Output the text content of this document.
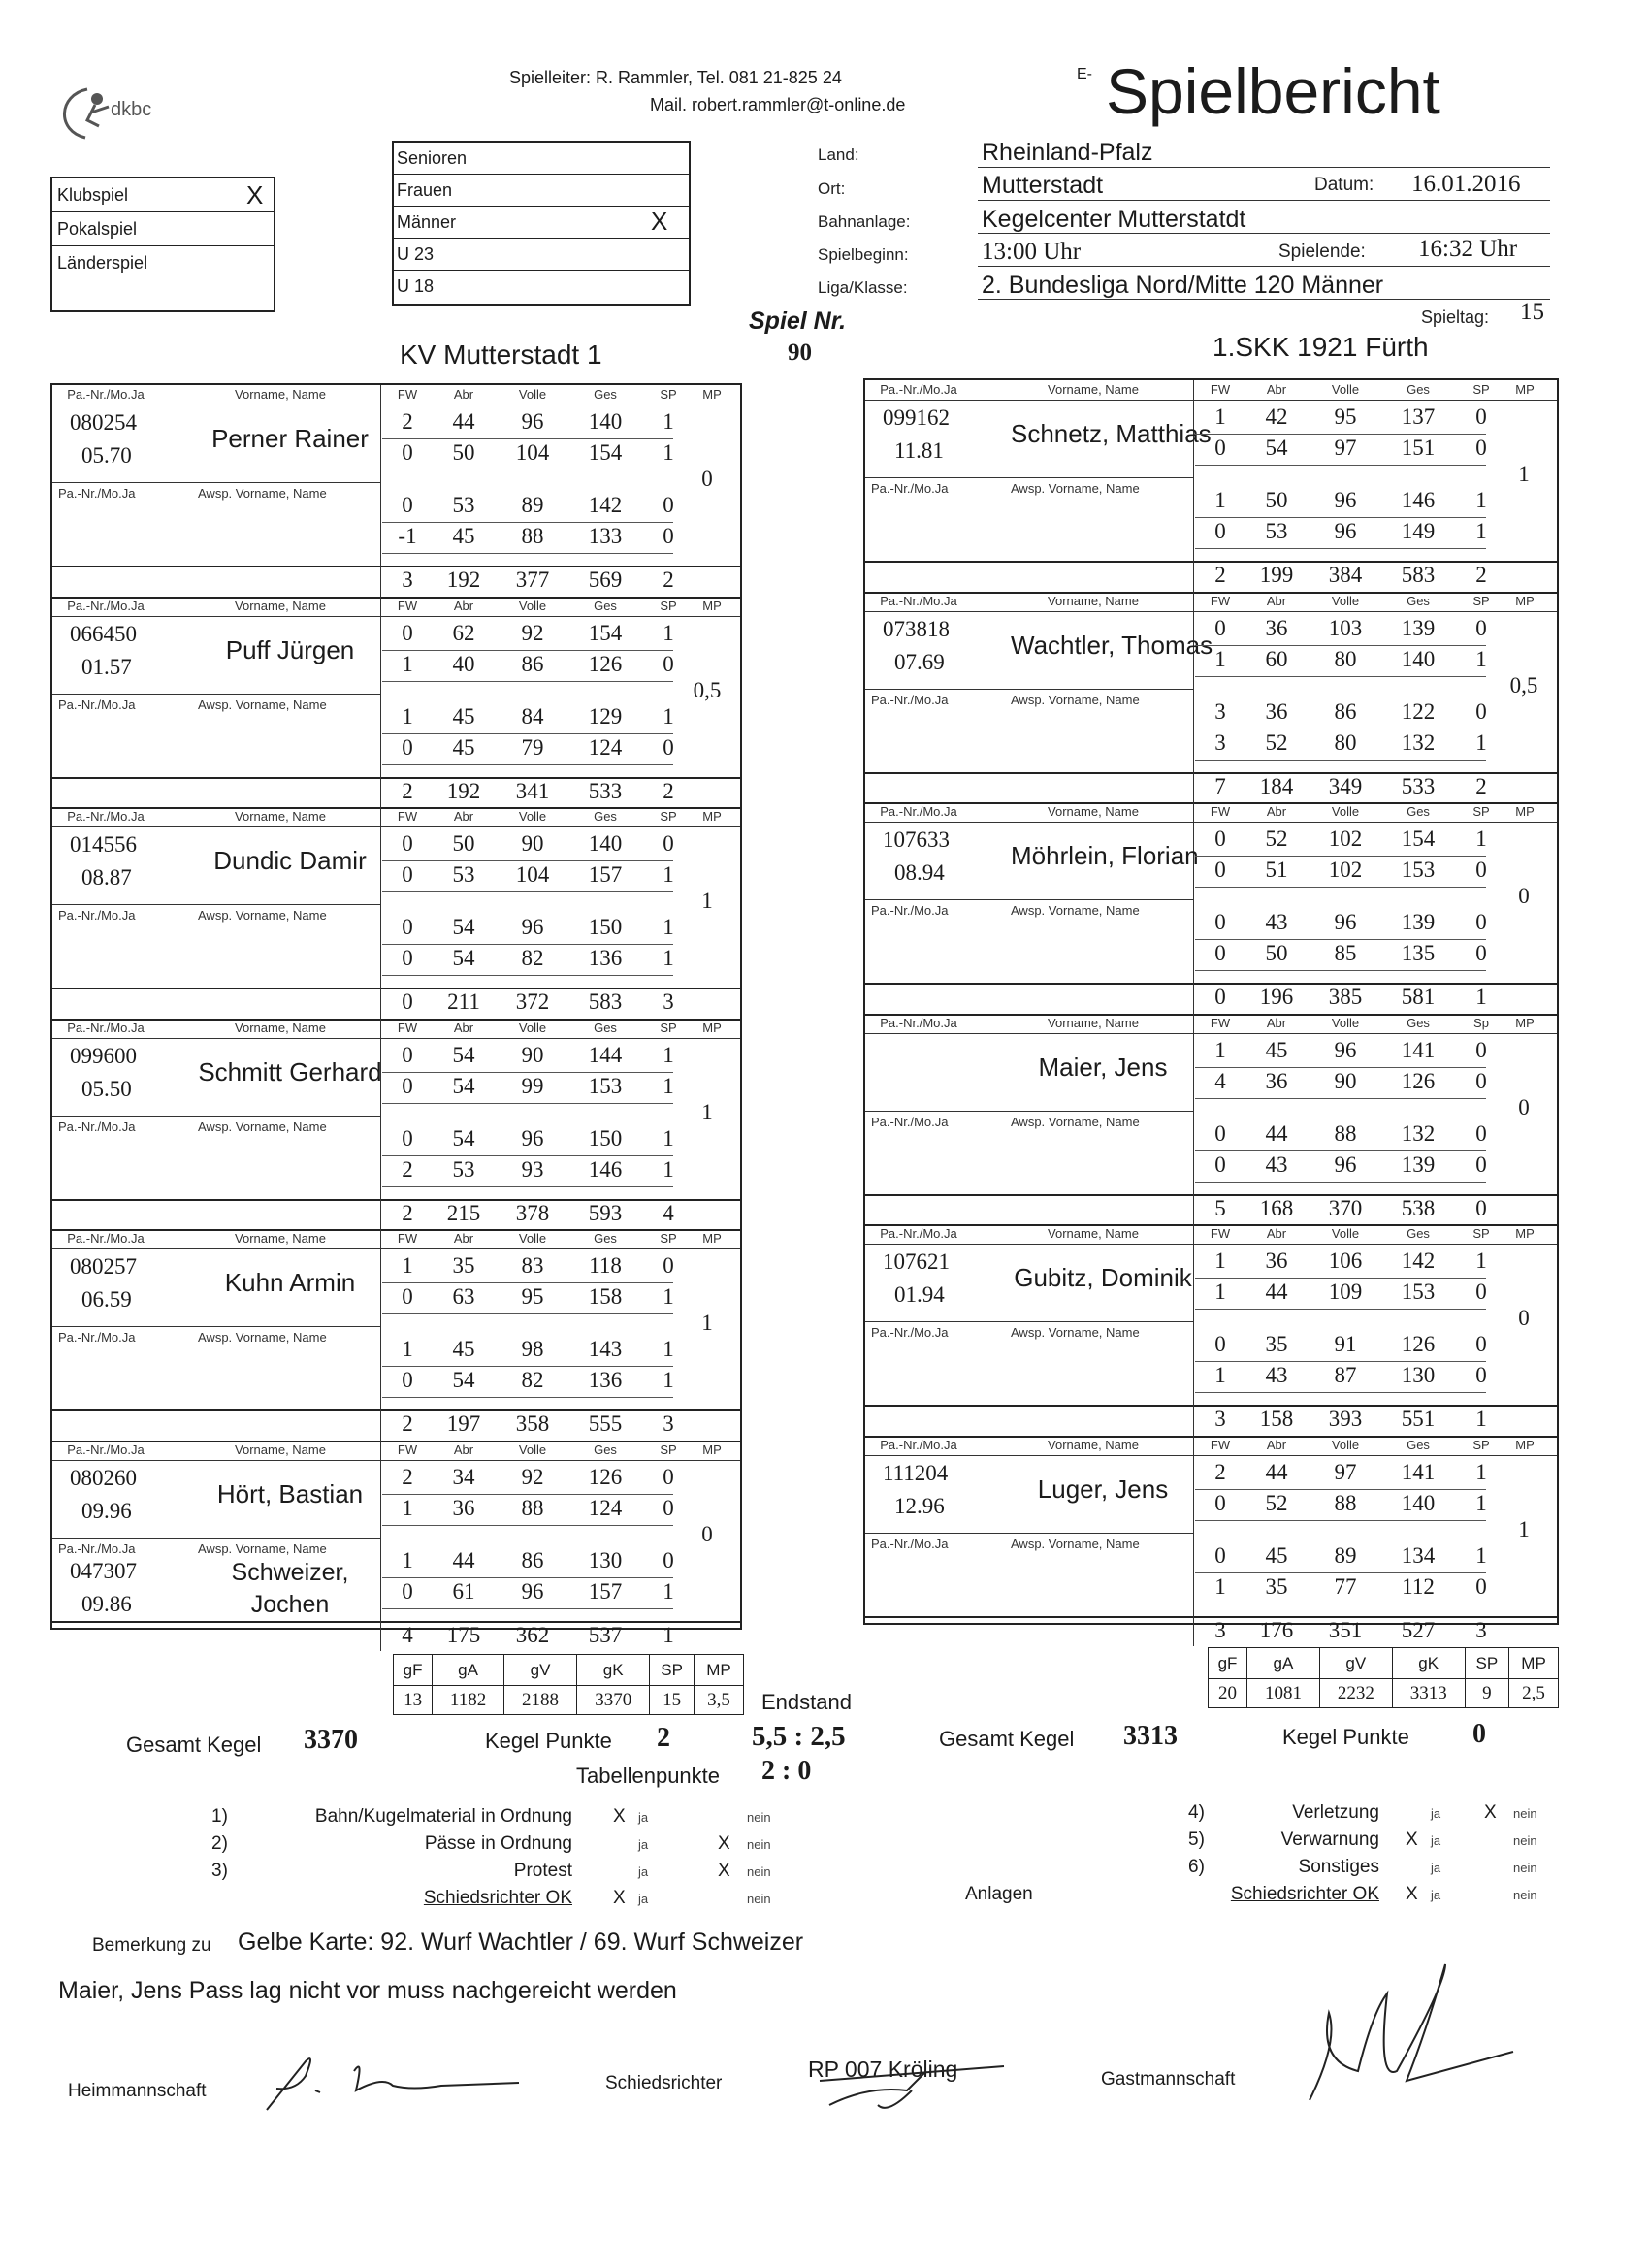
dkbc
Spielleiter: R. Rammler, Tel. 081 21-825 24
Mail. robert.rammler@t-online.de
E- Spielbericht
Klubspiel	X
Pokalspiel
Länderspiel
Senioren
Frauen
Männer	X
U 23
U 18
Land:	Rheinland-Pfalz
Ort:	Mutterstadt	Datum: 16.01.2016
Bahnanlage:	Kegelcenter Mutterstatdt
Spielbeginn:	13:00 Uhr	Spielende: 16:32 Uhr
Liga/Klasse:	2. Bundesliga Nord/Mitte 120 Männer
Spiel Nr.
90
Spieltag: 15
KV Mutterstadt 1	1.SKK 1921 Fürth
Pa.-Nr./Mo.Ja	Vorname, Name	FW	Abr	Volle	Ges	SP MP
080254
05.70
Perner Rainer
Pa.-Nr./Mo.Ja	Awsp. Vorname, Name
2 44 96 140 1
0 50 104 154 1
0 53 89 142 0
-1 45 88 133 0
3 192 377 569 2
0
Pa.-Nr./Mo.Ja	Vorname, Name	FW	Abr	Volle	Ges	SP MP
066450
01.57
Puff Jürgen
Pa.-Nr./Mo.Ja	Awsp. Vorname, Name
0 62 92 154 1
1 40 86 126 0
1 45 84 129 1
0 45 79 124 0
2 192 341 533 2
0,5
Pa.-Nr./Mo.Ja	Vorname, Name	FW	Abr	Volle	Ges	SP MP
014556
08.87
Dundic Damir
Pa.-Nr./Mo.Ja	Awsp. Vorname, Name
0 50 90 140 0
0 53 104 157 1
0 54 96 150 1
0 54 82 136 1
0 211 372 583 3
1
Pa.-Nr./Mo.Ja	Vorname, Name	FW	Abr	Volle	Ges	SP MP
099600
05.50
Schmitt Gerhard
Pa.-Nr./Mo.Ja	Awsp. Vorname, Name
0 54 90 144 1
0 54 99 153 1
0 54 96 150 1
2 53 93 146 1
2 215 378 593 4
1
Pa.-Nr./Mo.Ja	Vorname, Name	FW	Abr	Volle	Ges	SP MP
080257
06.59
Kuhn Armin
Pa.-Nr./Mo.Ja	Awsp. Vorname, Name
1 35 83 118 0
0 63 95 158 1
1 45 98 143 1
0 54 82 136 1
2 197 358 555 3
1
Pa.-Nr./Mo.Ja	Vorname, Name	FW	Abr	Volle	Ges	SP MP
080260
09.96
Hört, Bastian
Pa.-Nr./Mo.Ja	Awsp. Vorname, Name
047307
09.86
Schweizer, Jochen
2 34 92 126 0
1 36 88 124 0
1 44 86 130 0
0 61 96 157 1
4 175 362 537 1
0
Pa.-Nr./Mo.Ja	Vorname, Name	FW	Abr	Volle	Ges	SP MP
099162
11.81
Schnetz, Matthias
Pa.-Nr./Mo.Ja	Awsp. Vorname, Name
1 42 95 137 0
0 54 97 151 0
1 50 96 146 1
0 53 96 149 1
2 199 384 583 2
1
Pa.-Nr./Mo.Ja	Vorname, Name	FW	Abr	Volle	Ges	SP MP
073818
07.69
Wachtler, Thomas
Pa.-Nr./Mo.Ja	Awsp. Vorname, Name
0 36 103 139 0
1 60 80 140 1
3 36 86 122 0
3 52 80 132 1
7 184 349 533 2
0,5
Pa.-Nr./Mo.Ja	Vorname, Name	FW	Abr	Volle	Ges	SP MP
107633
08.94
Möhrlein, Florian
Pa.-Nr./Mo.Ja	Awsp. Vorname, Name
0 52 102 154 1
0 51 102 153 0
0 43 96 139 0
0 50 85 135 0
0 196 385 581 1
0
Pa.-Nr./Mo.Ja	Vorname, Name	FW	Abr	Volle	Ges	Sp MP
Maier, Jens
Pa.-Nr./Mo.Ja	Awsp. Vorname, Name
1 45 96 141 0
4 36 90 126 0
0 44 88 132 0
0 43 96 139 0
5 168 370 538 0
0
Pa.-Nr./Mo.Ja	Vorname, Name	FW	Abr	Volle	Ges	SP MP
107621
01.94
Gubitz, Dominik
Pa.-Nr./Mo.Ja	Awsp. Vorname, Name
1 36 106 142 1
1 44 109 153 0
0 35 91 126 0
1 43 87 130 0
3 158 393 551 1
0
Pa.-Nr./Mo.Ja	Vorname, Name	FW	Abr	Volle	Ges	SP MP
111204
12.96
Luger, Jens
Pa.-Nr./Mo.Ja	Awsp. Vorname, Name
2 44 97 141 1
0 52 88 140 1
0 45 89 134 1
1 35 77 112 0
3 176 351 527 3
1
gF	gA	gV	gK	SP	MP
13	1182	2188	3370	15	3,5
gF	gA	gV	gK	SP	MP
20	1081	2232	3313	9	2,5
Endstand
5,5 : 2,5
Gesamt Kegel 3370	Kegel Punkte 2	Gesamt Kegel 3313	Kegel Punkte 0
Tabellenpunkte 2 : 0
1)	Bahn/Kugelmaterial in Ordnung X ja	nein
2)	Pässe in Ordnung	ja	X nein
3)	Protest	ja	X nein
Schiedsrichter OK X ja	nein
4)	Verletzung	ja X nein
5)	Verwarnung X ja	nein
6)	Sonstiges	ja	nein
Schiedsrichter OK X ja	nein
Anlagen
Bemerkung zu Gelbe Karte: 92. Wurf Wachtler / 69. Wurf Schweizer
Maier, Jens Pass lag nicht vor muss nachgereicht werden
Heimmannschaft	Schiedsrichter	Gastmannschaft
RP 007 Kröling
